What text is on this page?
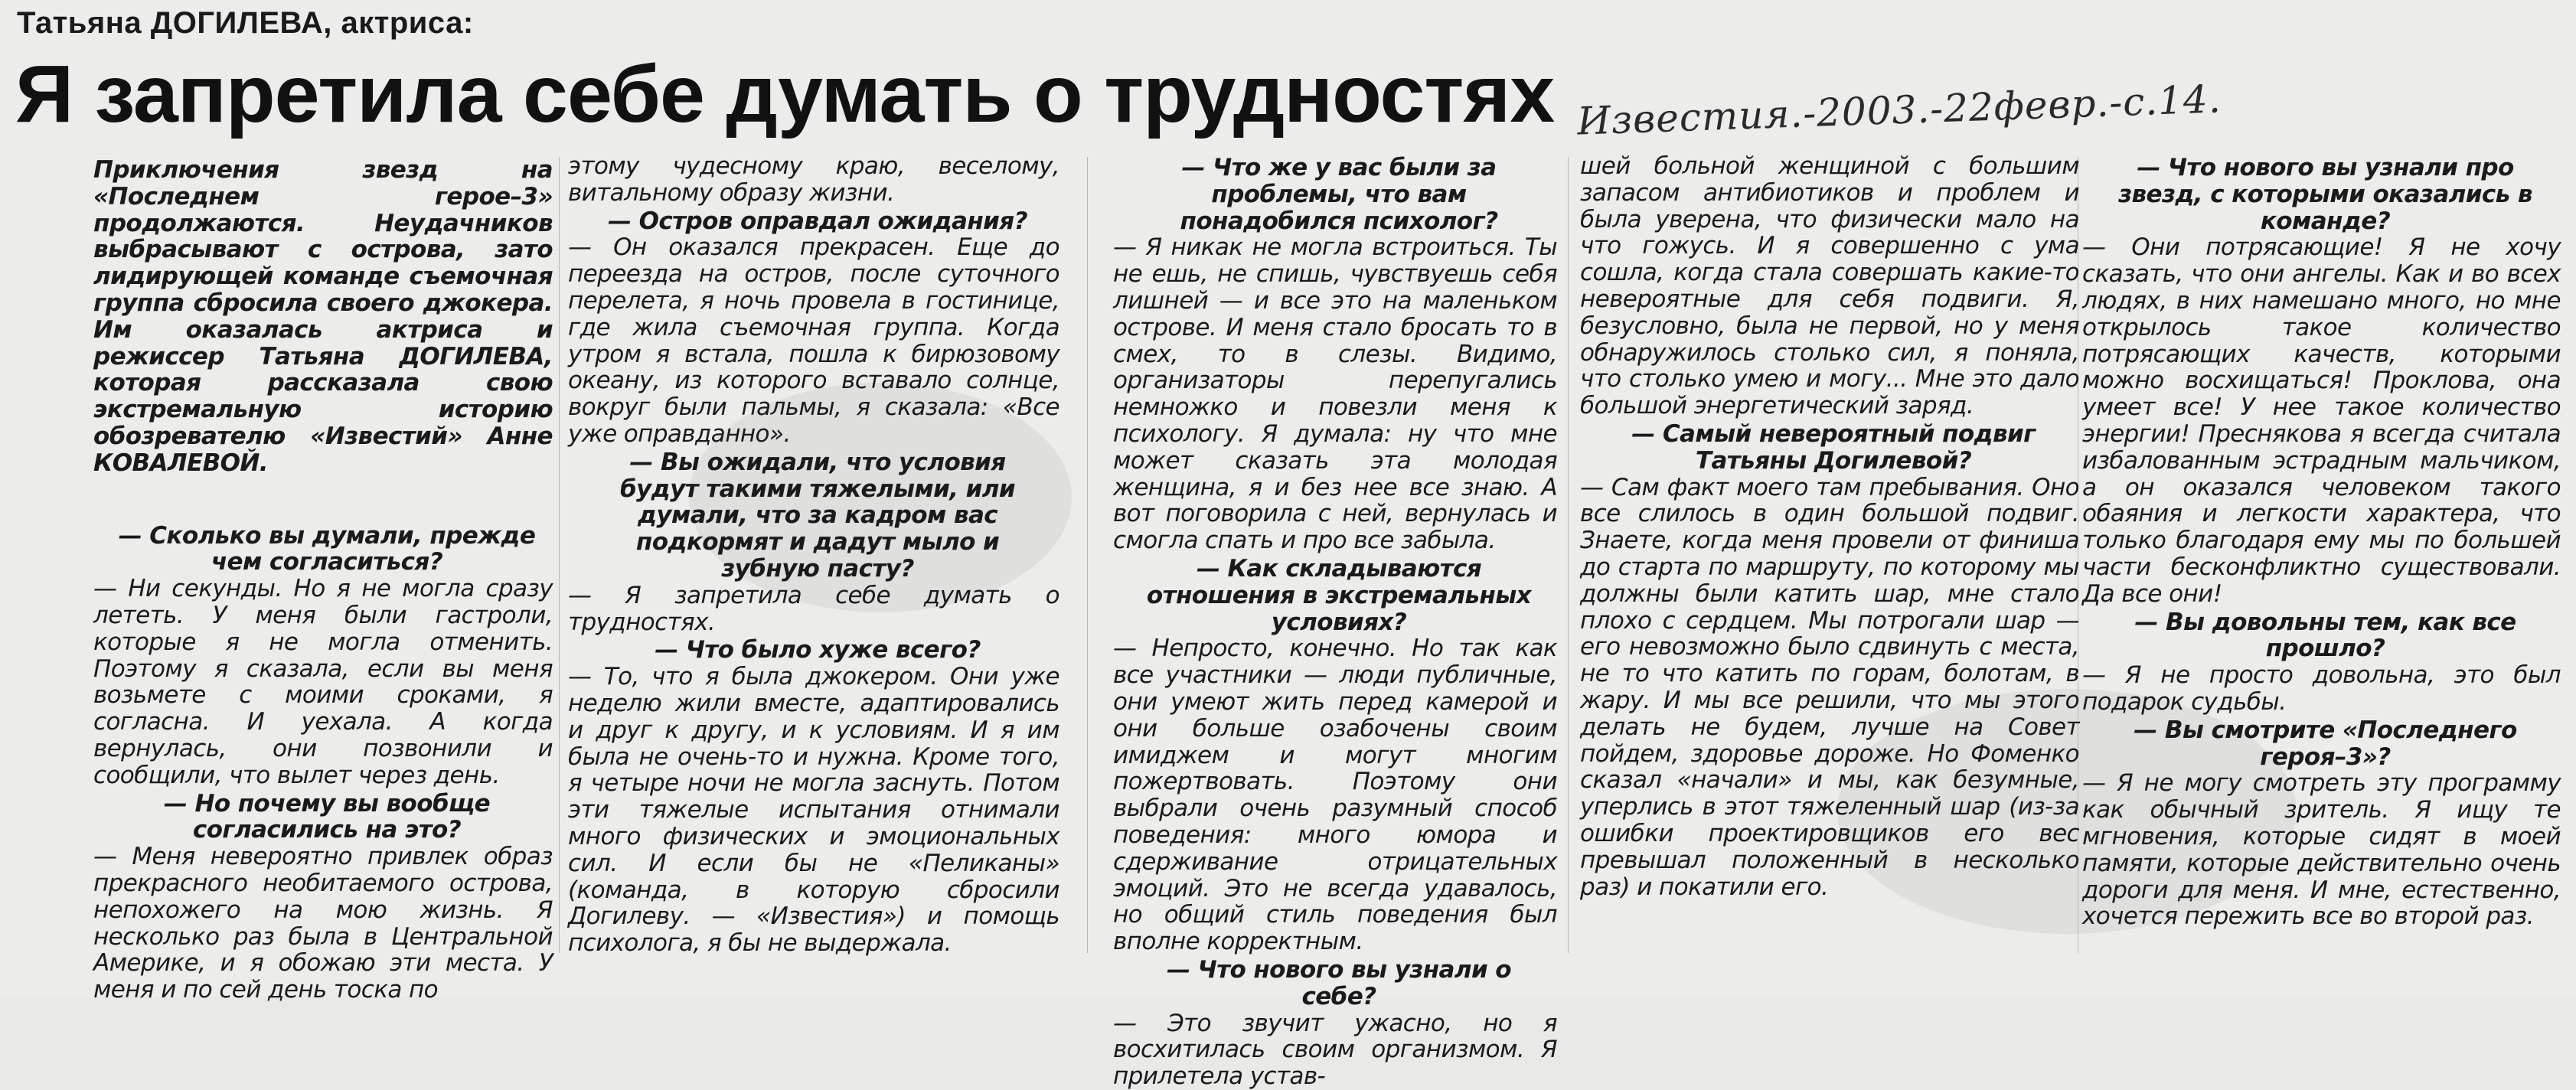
Татьяна ДОГИЛЕВА, актриса:
Я запретила себе думать о трудностях Известия.-2003.-22февр.-с.14.

Приключения звезд на «Последнем герое–3» продолжаются. Неудачников выбрасывают с острова, зато лидирующей команде съемочная группа сбросила своего джокера. Им оказалась актриса и режиссер Татьяна ДОГИЛЕВА, которая рассказала свою экстремальную историю обозревателю «Известий» Анне КОВАЛЕВОЙ.

— Сколько вы думали, прежде чем согласиться?

— Ни секунды. Но я не могла сразу лететь. У меня были гастроли, которые я не могла отменить. Поэтому я сказала, если вы меня возьмете с моими сроками, я согласна. И уехала. А когда вернулась, они позвонили и сообщили, что вылет через день.

— Но почему вы вообще согласились на это?

— Меня невероятно привлек образ прекрасного необитаемого острова, непохожего на мою жизнь. Я несколько раз была в Центральной Америке, и я обожаю эти места. У меня и по сей день тоска по

этому чудесному краю, веселому, витальному образу жизни.

— Остров оправдал ожидания?

— Он оказался прекрасен. Еще до переезда на остров, после суточного перелета, я ночь провела в гостинице, где жила съемочная группа. Когда утром я встала, пошла к бирюзовому океану, из которого вставало солнце, вокруг были пальмы, я сказала: «Все уже оправданно».

— Вы ожидали, что условия будут такими тяжелыми, или думали, что за кадром вас подкормят и дадут мыло и зубную пасту?

— Я запретила себе думать о трудностях.

— Что было хуже всего?

— То, что я была джокером. Они уже неделю жили вместе, адаптировались и друг к другу, и к условиям. И я им была не очень-то и нужна. Кроме того, я четыре ночи не могла заснуть. Потом эти тяжелые испытания отнимали много физических и эмоциональных сил. И если бы не «Пеликаны» (команда, в которую сбросили Догилеву. — «Известия») и помощь психолога, я бы не выдержала.

— Что же у вас были за проблемы, что вам понадобился психолог?

— Я никак не могла встроиться. Ты не ешь, не спишь, чувствуешь себя лишней — и все это на маленьком острове. И меня стало бросать то в смех, то в слезы. Видимо, организаторы перепугались немножко и повезли меня к психологу. Я думала: ну что мне может сказать эта молодая женщина, я и без нее все знаю. А вот поговорила с ней, вернулась и смогла спать и про все забыла.

— Как складываются отношения в экстремальных условиях?

— Непросто, конечно. Но так как все участники — люди публичные, они умеют жить перед камерой и они больше озабочены своим имиджем и могут многим пожертвовать. Поэтому они выбрали очень разумный способ поведения: много юмора и сдерживание отрицательных эмоций. Это не всегда удавалось, но общий стиль поведения был вполне корректным.

— Что нового вы узнали о себе?

— Это звучит ужасно, но я восхитилась своим организмом. Я прилетела устав-

шей больной женщиной с большим запасом антибиотиков и проблем и была уверена, что физически мало на что гожусь. И я совершенно с ума сошла, когда стала совершать какие-то невероятные для себя подвиги. Я, безусловно, была не первой, но у меня обнаружилось столько сил, я поняла, что столько умею и могу... Мне это дало большой энергетический заряд.

— Самый невероятный подвиг Татьяны Догилевой?

— Сам факт моего там пребывания. Оно все слилось в один большой подвиг. Знаете, когда меня провели от финиша до старта по маршруту, по которому мы должны были катить шар, мне стало плохо с сердцем. Мы потрогали шар — его невозможно было сдвинуть с места, не то что катить по горам, болотам, в жару. И мы все решили, что мы этого делать не будем, лучше на Совет пойдем, здоровье дороже. Но Фоменко сказал «начали» и мы, как безумные, уперлись в этот тяжеленный шар (из-за ошибки проектировщиков его вес превышал положенный в несколько раз) и покатили его.

— Что нового вы узнали про звезд, с которыми оказались в команде?

— Они потрясающие! Я не хочу сказать, что они ангелы. Как и во всех людях, в них намешано много, но мне открылось такое количество потрясающих качеств, которыми можно восхищаться! Проклова, она умеет все! У нее такое количество энергии! Преснякова я всегда считала избалованным эстрадным мальчиком, а он оказался человеком такого обаяния и легкости характера, что только благодаря ему мы по большей части бесконфликтно существовали. Да все они!

— Вы довольны тем, как все прошло?

— Я не просто довольна, это был подарок судьбы.

— Вы смотрите «Последнего героя–3»?

— Я не могу смотреть эту программу как обычный зритель. Я ищу те мгновения, которые сидят в моей памяти, которые действительно очень дороги для меня. И мне, естественно, хочется пережить все во второй раз.
